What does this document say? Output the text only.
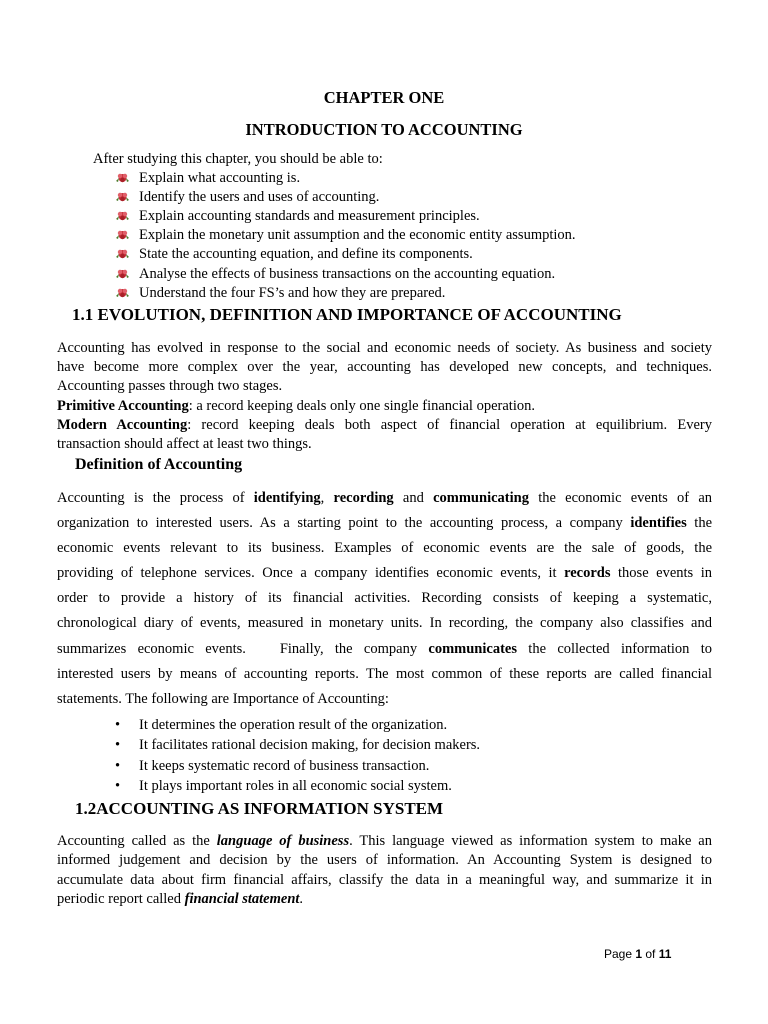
CHAPTER ONE
INTRODUCTION TO ACCOUNTING
After studying this chapter, you should be able to:
Explain what accounting is.
Identify the users and uses of accounting.
Explain accounting standards and measurement principles.
Explain the monetary unit assumption and the economic entity assumption.
State the accounting equation, and define its components.
Analyse the effects of business transactions on the accounting equation.
Understand the four FS’s and how they are prepared.
1.1 EVOLUTION, DEFINITION AND IMPORTANCE OF ACCOUNTING
Accounting has evolved in response to the social and economic needs of society. As business and society
have become more complex over the year, accounting has developed new concepts, and techniques.
Accounting passes through two stages.
Primitive Accounting: a record keeping deals only one single financial operation.
Modern Accounting: record keeping deals both aspect of financial operation at equilibrium. Every
transaction should affect at least two things.
Definition of Accounting
Accounting is the process of identifying, recording and communicating the economic events of an
organization to interested users. As a starting point to the accounting process, a company identifies the
economic events relevant to its business. Examples of economic events are the sale of goods, the
providing of telephone services. Once a company identifies economic events, it records those events in
order to provide a history of its financial activities. Recording consists of keeping a systematic,
chronological diary of events, measured in monetary units. In recording, the company also classifies and
summarizes economic events.   Finally, the company communicates the collected information to
interested users by means of accounting reports. The most common of these reports are called financial
statements. The following are Importance of Accounting:
• It determines the operation result of the organization.
• It facilitates rational decision making, for decision makers.
• It keeps systematic record of business transaction.
• It plays important roles in all economic social system.
1.2ACCOUNTING AS INFORMATION SYSTEM
Accounting called as the language of business. This language viewed as information system to make an
informed judgement and decision by the users of information. An Accounting System is designed to
accumulate data about firm financial affairs, classify the data in a meaningful way, and summarize it in
periodic report called financial statement.
Page 1 of 11
